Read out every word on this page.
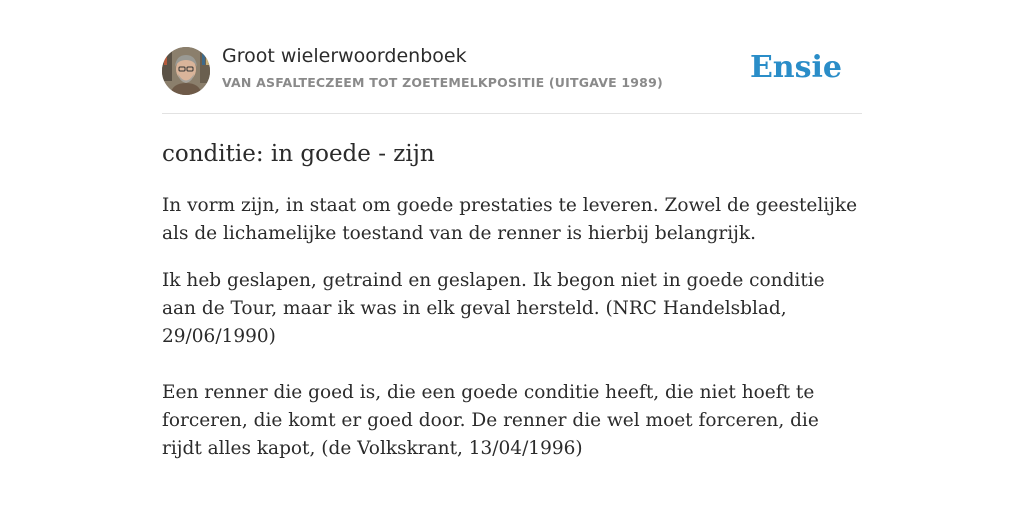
Groot wielerwoordenboek
VAN ASFALTECZEEM TOT ZOETEMELKPOSITIE (UITGAVE 1989)	Ensie
conditie: in goede - zijn

In vorm zijn, in staat om goede prestaties te leveren. Zowel de geestelijke als de lichamelijke toestand van de renner is hierbij belangrijk.

Ik heb geslapen, getraind en geslapen. Ik begon niet in goede conditie aan de Tour, maar ik was in elk geval hersteld. (NRC Handelsblad, 29/06/1990)

Een renner die goed is, die een goede conditie heeft, die niet hoeft te forceren, die komt er goed door. De renner die wel moet forceren, die rijdt alles kapot, (de Volkskrant, 13/04/1996)
